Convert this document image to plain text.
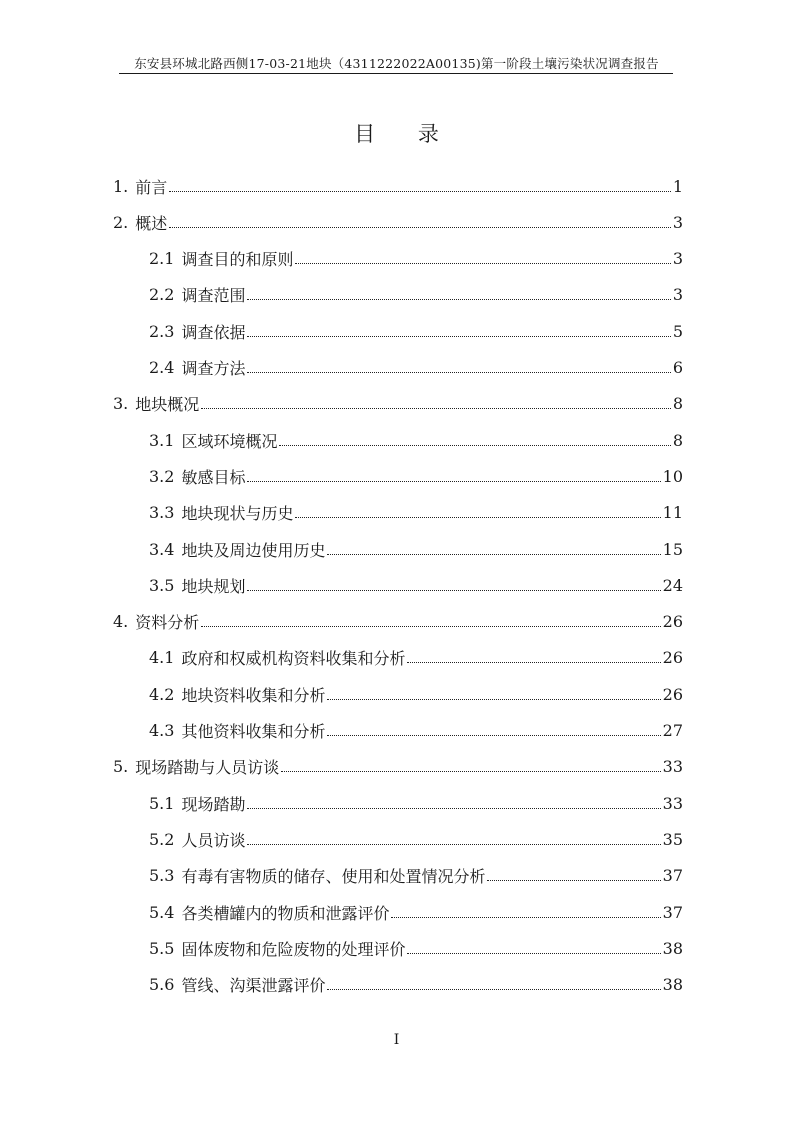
东安县环城北路西侧17-03-21地块（4311222022A00135)第一阶段土壤污染状况调查报告
目 录
1. 前言	1
2. 概述	3
2.1 调查目的和原则	3
2.2 调查范围	3
2.3 调查依据	5
2.4 调查方法	6
3. 地块概况	8
3.1 区域环境概况	8
3.2 敏感目标	10
3.3 地块现状与历史	11
3.4 地块及周边使用历史	15
3.5 地块规划	24
4. 资料分析	26
4.1 政府和权威机构资料收集和分析	26
4.2 地块资料收集和分析	26
4.3 其他资料收集和分析	27
5. 现场踏勘与人员访谈	33
5.1 现场踏勘	33
5.2 人员访谈	35
5.3 有毒有害物质的储存、使用和处置情况分析	37
5.4 各类槽罐内的物质和泄露评价	37
5.5 固体废物和危险废物的处理评价	38
5.6 管线、沟渠泄露评价	38
I
